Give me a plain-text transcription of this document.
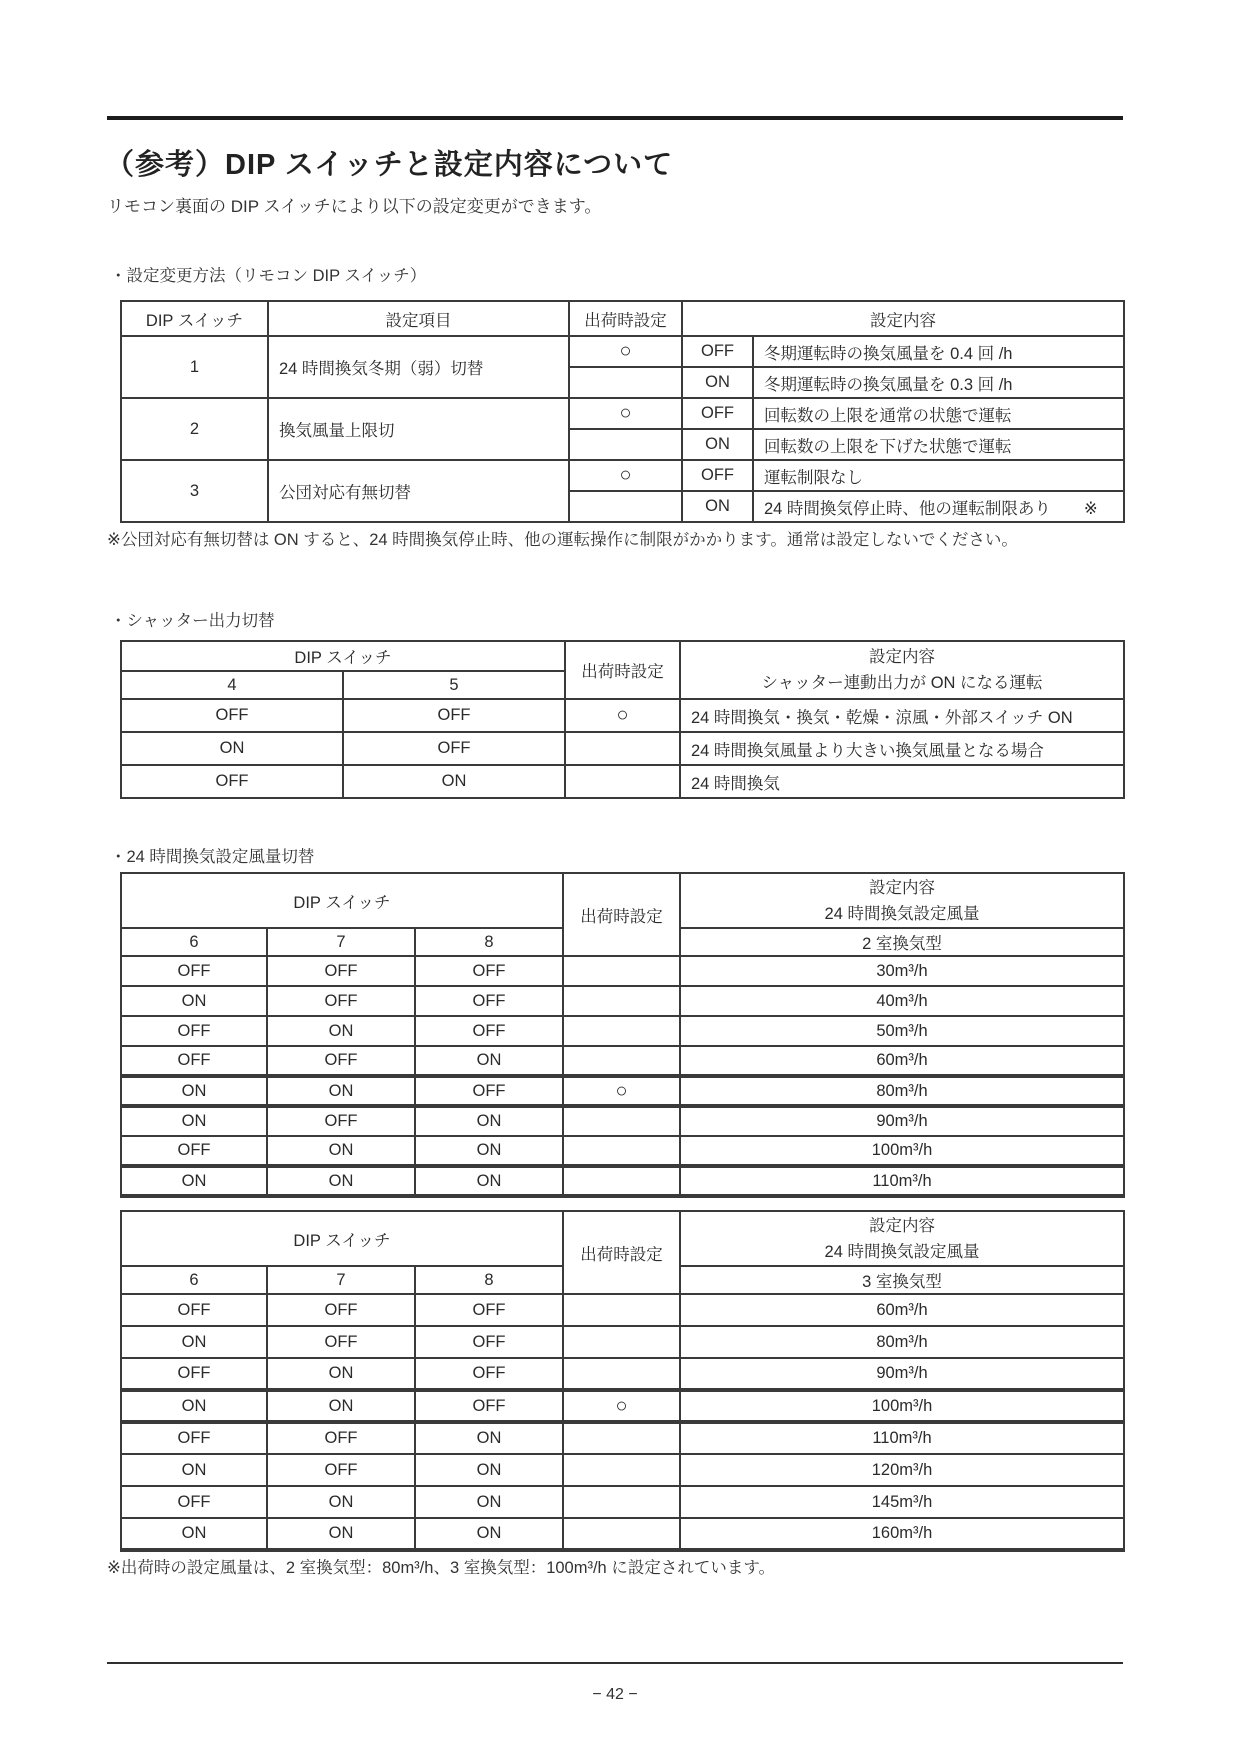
（参考）DIP スイッチと設定内容について

リモコン裏面の DIP スイッチにより以下の設定変更ができます。

・設定変更方法（リモコン DIP スイッチ）

DIP スイッチ	設定項目	出荷時設定	設定内容	
1	24 時間換気冬期（弱）切替	○	OFF	冬期運転時の換気風量を 0.4 回 /h
			ON	冬期運転時の換気風量を 0.3 回 /h
2	換気風量上限切	○	OFF	回転数の上限を通常の状態で運転
			ON	回転数の上限を下げた状態で運転
3	公団対応有無切替	○	OFF	運転制限なし
			ON	24 時間換気停止時、他の運転制限あり　　※

※公団対応有無切替は ON すると、24 時間換気停止時、他の運転操作に制限がかかります。通常は設定しないでください。

・シャッター出力切替

DIP スイッチ		出荷時設定	設定内容
シャッター連動出力が ON になる運転

4	5		
OFF	OFF	○	24 時間換気・換気・乾燥・涼風・外部スイッチ ON
ON	OFF		24 時間換気風量より大きい換気風量となる場合
OFF	ON		24 時間換気

・24 時間換気設定風量切替

DIP スイッチ			出荷時設定	設定内容
24 時間換気設定風量

6	7	8		2 室換気型
OFF	OFF	OFF		30m³/h
ON	OFF	OFF		40m³/h
OFF	ON	OFF		50m³/h
OFF	OFF	ON		60m³/h
ON	ON	OFF	○	80m³/h
ON	OFF	ON		90m³/h
OFF	ON	ON		100m³/h
ON	ON	ON		110m³/h
DIP スイッチ			出荷時設定	設定内容
24 時間換気設定風量

6	7	8		3 室換気型
OFF	OFF	OFF		60m³/h
ON	OFF	OFF		80m³/h
OFF	ON	OFF		90m³/h
ON	ON	OFF	○	100m³/h
OFF	OFF	ON		110m³/h
ON	OFF	ON		120m³/h
OFF	ON	ON		145m³/h
ON	ON	ON		160m³/h

※出荷時の設定風量は、2 室換気型：80m³/h、3 室換気型：100m³/h に設定されています。

− 42 −
